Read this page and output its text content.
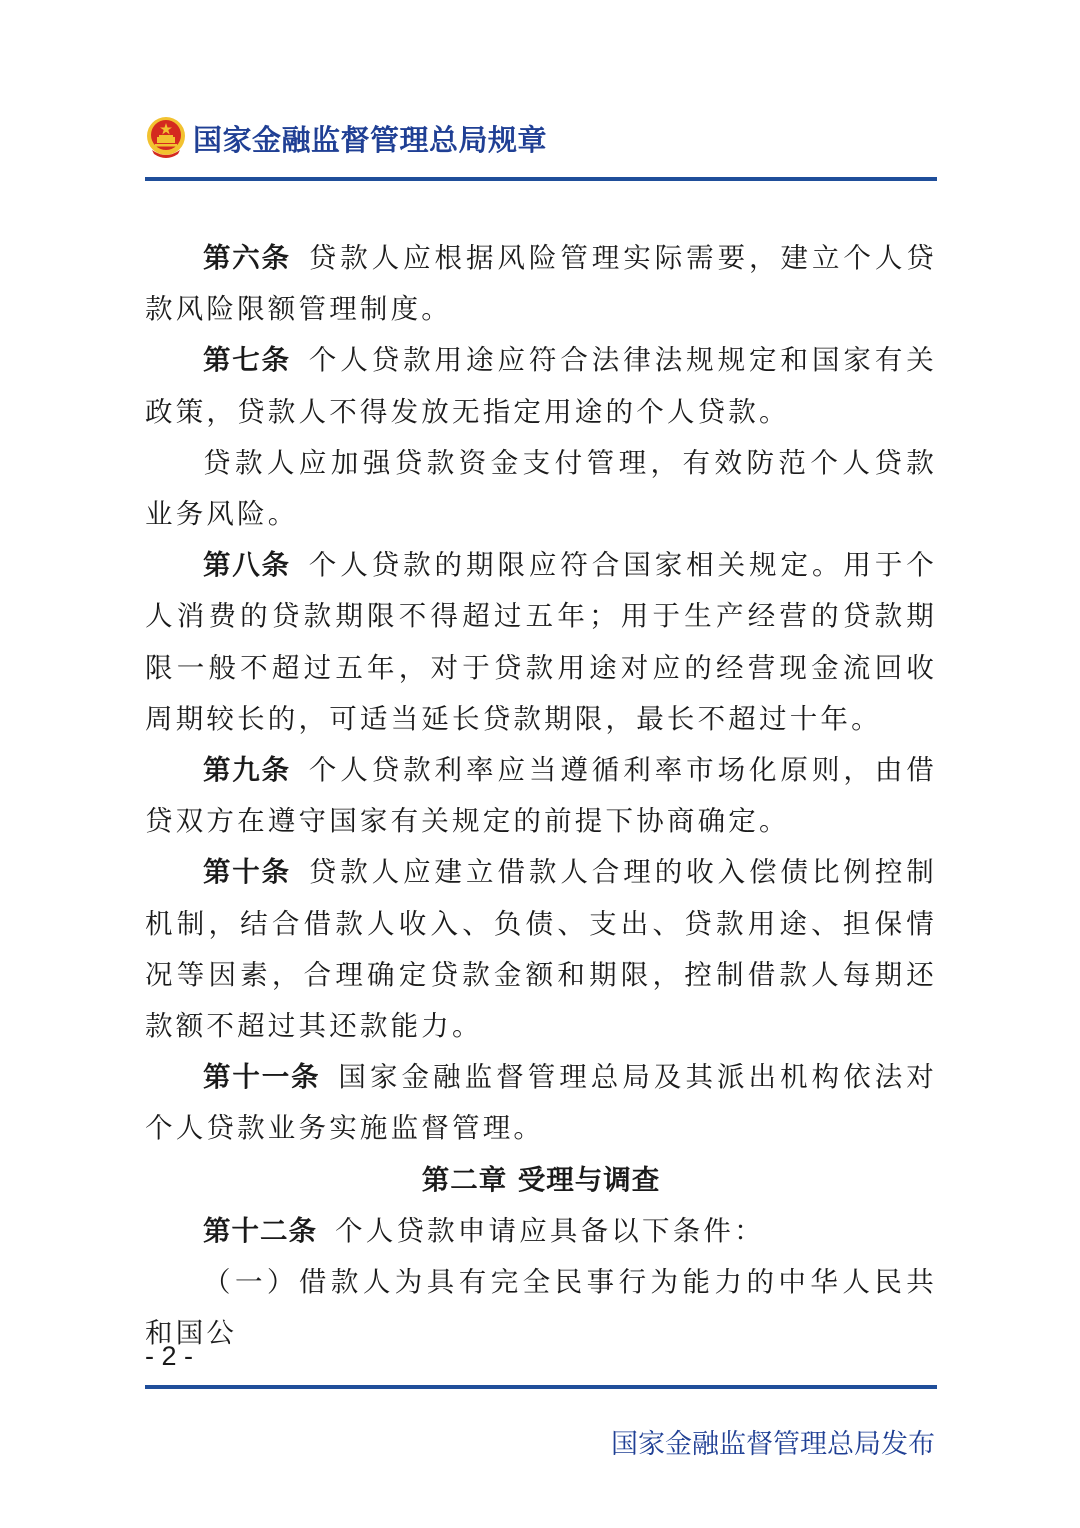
国家金融监督管理总局规章

第六条 贷款人应根据风险管理实际需要，建立个人贷款风险限额管理制度。

第七条 个人贷款用途应符合法律法规规定和国家有关政策，贷款人不得发放无指定用途的个人贷款。

贷款人应加强贷款资金支付管理，有效防范个人贷款业务风险。

第八条 个人贷款的期限应符合国家相关规定。用于个人消费的贷款期限不得超过五年；用于生产经营的贷款期限一般不超过五年，对于贷款用途对应的经营现金流回收周期较长的，可适当延长贷款期限，最长不超过十年。

第九条 个人贷款利率应当遵循利率市场化原则，由借贷双方在遵守国家有关规定的前提下协商确定。

第十条 贷款人应建立借款人合理的收入偿债比例控制机制，结合借款人收入、负债、支出、贷款用途、担保情况等因素，合理确定贷款金额和期限，控制借款人每期还款额不超过其还款能力。

第十一条 国家金融监督管理总局及其派出机构依法对个人贷款业务实施监督管理。

第二章 受理与调查

第十二条 个人贷款申请应具备以下条件：

（一）借款人为具有完全民事行为能力的中华人民共和国公

- 2 -
国家金融监督管理总局发布
